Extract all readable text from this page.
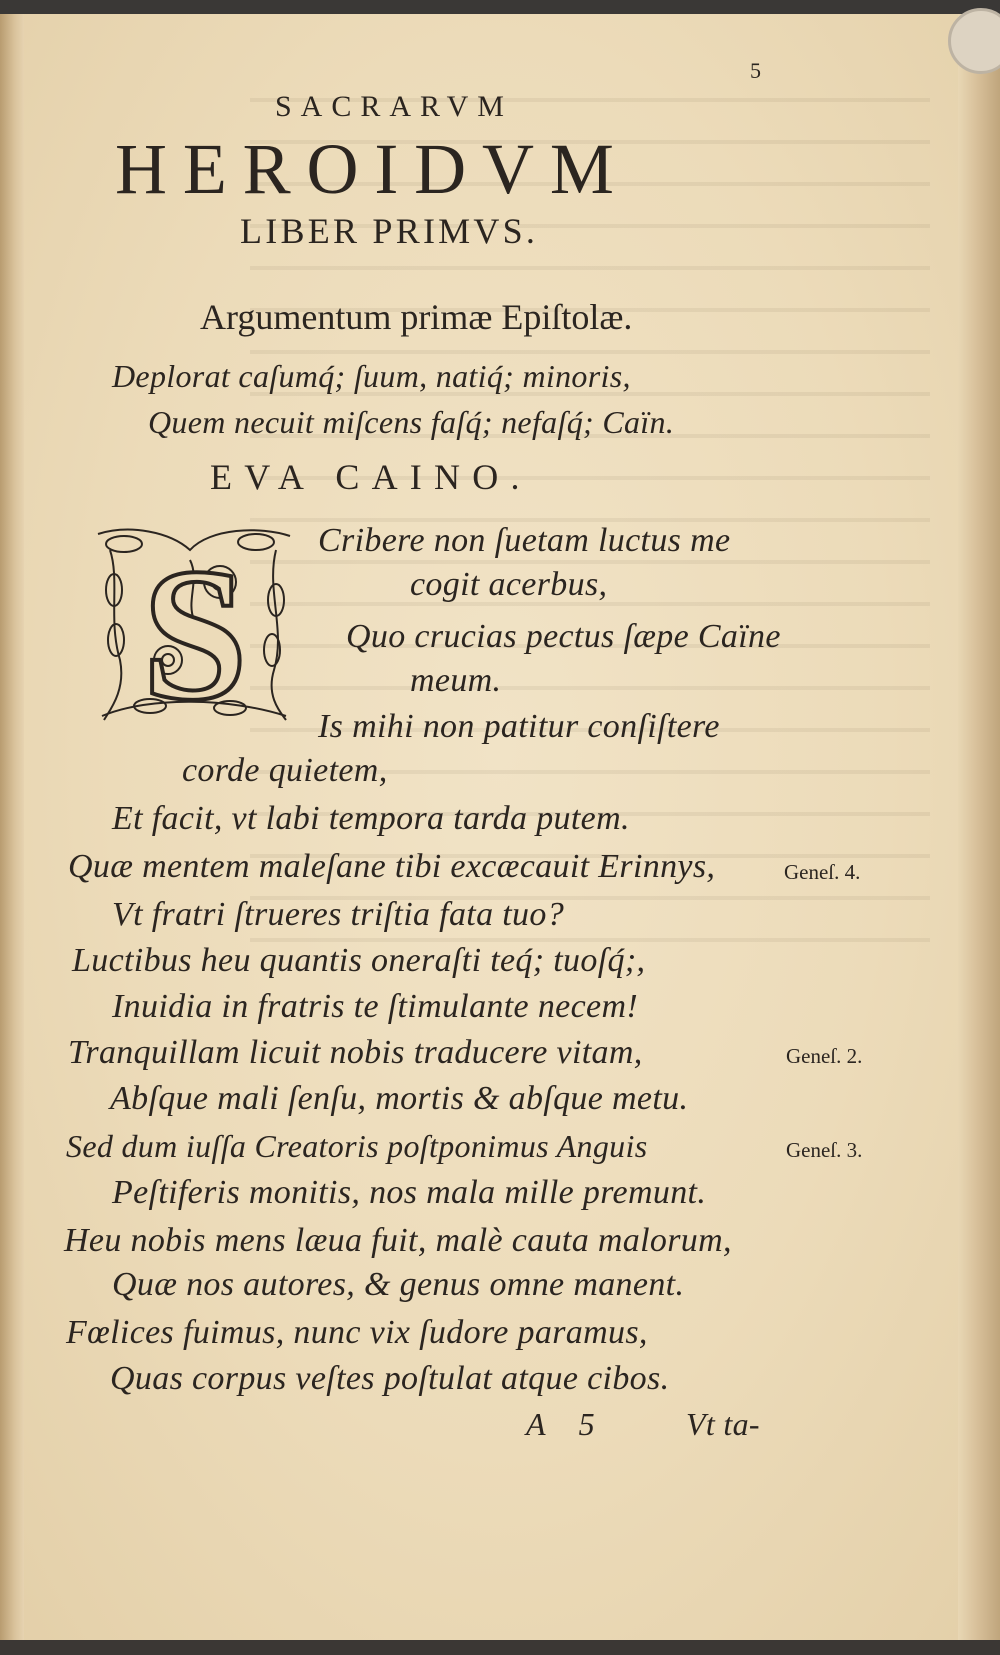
5

SACRARVM

HEROIDVM

LIBER PRIMVS.

Argumentum primæ Epiſtolæ.

Deplorat caſumq́; ſuum, natiq́; minoris,

Quem necuit miſcens faſq́; nefaſq́; Caïn.

EVA CAINO.

S Cribere non ſuetam luctus me

cogit acerbus,

Quo crucias pectus ſæpe Caïne

meum.

Is mihi non patitur conſiſtere

corde quietem,

Et facit, vt labi tempora tarda putem.

Quæ mentem maleſane tibi excæcauit Erinnys,

Vt fratri ſtrueres triſtia fata tuo?

Luctibus heu quantis oneraſti teq́; tuoſq́;,

Inuidia in fratris te ſtimulante necem!

Tranquillam licuit nobis traducere vitam,

Abſque mali ſenſu, mortis & abſque metu.

Sed dum iuſſa Creatoris poſtponimus Anguis

Peſtiferis monitis, nos mala mille premunt.

Heu nobis mens læua fuit, malè cauta malorum,

Quæ nos autores, & genus omne manent.

Fœlices fuimus, nunc vix ſudore paramus,

Quas corpus veſtes poſtulat atque cibos.

Geneſ. 4.

Geneſ. 2.

Geneſ. 3.

A 5 Vt ta-
